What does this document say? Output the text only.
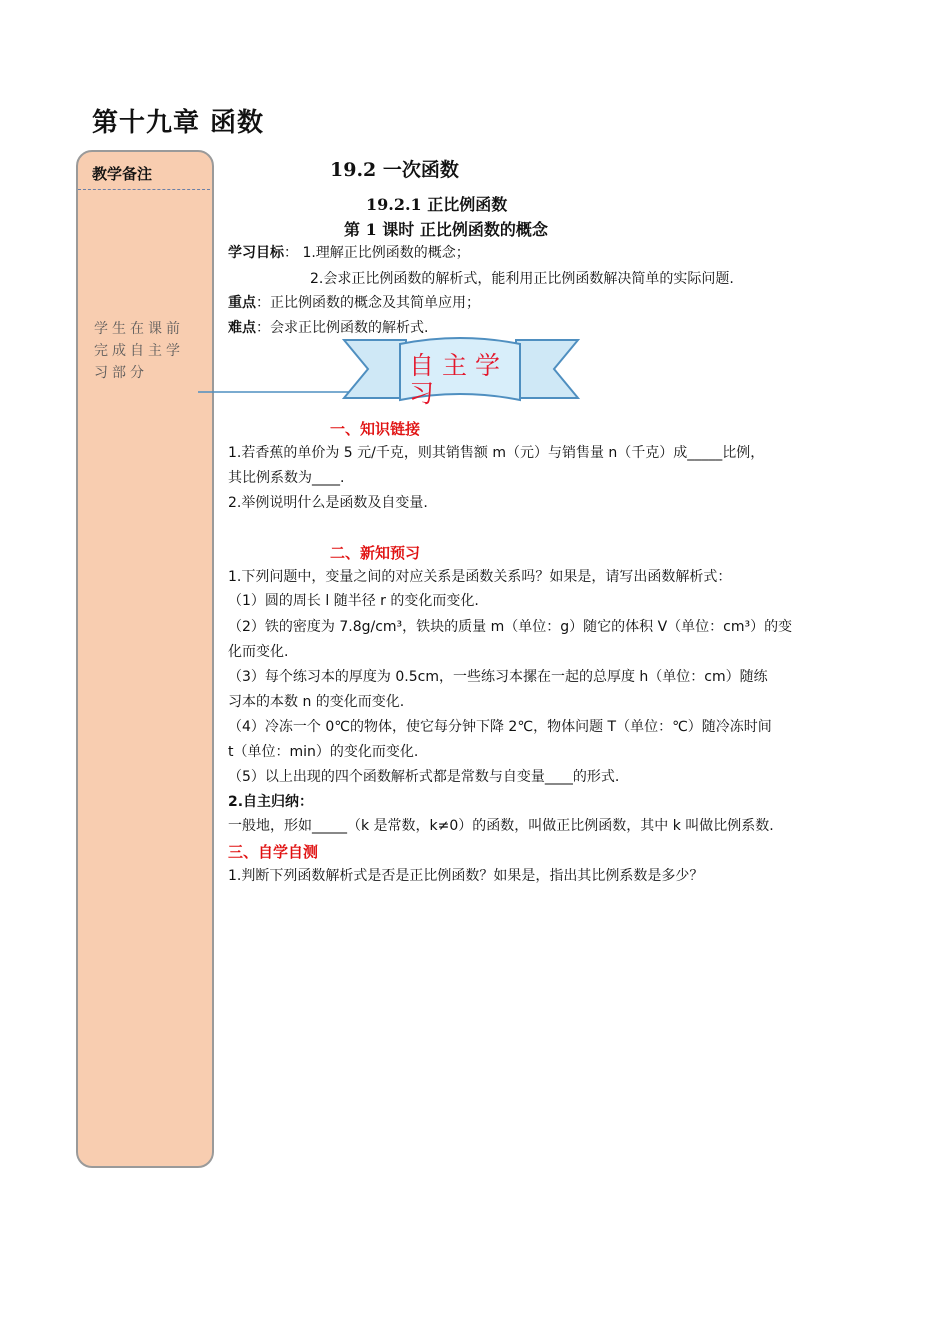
第十九章 函数
教学备注
学生在课前完成自主学习部分
19.2 一次函数
19.2.1 正比例函数
第 1 课时 正比例函数的概念
学习目标： 1.理解正比例函数的概念；
2.会求正比例函数的解析式，能利用正比例函数解决简单的实际问题.
重点：正比例函数的概念及其简单应用；
难点：会求正比例函数的解析式.
自主学习
一、知识链接
1.若香蕉的单价为 5 元/千克，则其销售额 m（元）与销售量 n（千克）成_____比例，
其比例系数为____.
2.举例说明什么是函数及自变量.
二、新知预习
1.下列问题中，变量之间的对应关系是函数关系吗？如果是，请写出函数解析式：
（1）圆的周长 l 随半径 r 的变化而变化.
（2）铁的密度为 7.8g/cm³，铁块的质量 m（单位：g）随它的体积 V（单位：cm³）的变
化而变化.
（3）每个练习本的厚度为 0.5cm，一些练习本摞在一起的总厚度 h（单位：cm）随练
习本的本数 n 的变化而变化.
（4）冷冻一个 0℃的物体，使它每分钟下降 2℃，物体问题 T（单位：℃）随冷冻时间
t（单位：min）的变化而变化.
（5）以上出现的四个函数解析式都是常数与自变量____的形式.
2.自主归纳：
一般地，形如_____（k 是常数，k≠0）的函数，叫做正比例函数，其中 k 叫做比例系数.
三、自学自测
1.判断下列函数解析式是否是正比例函数？如果是，指出其比例系数是多少？
